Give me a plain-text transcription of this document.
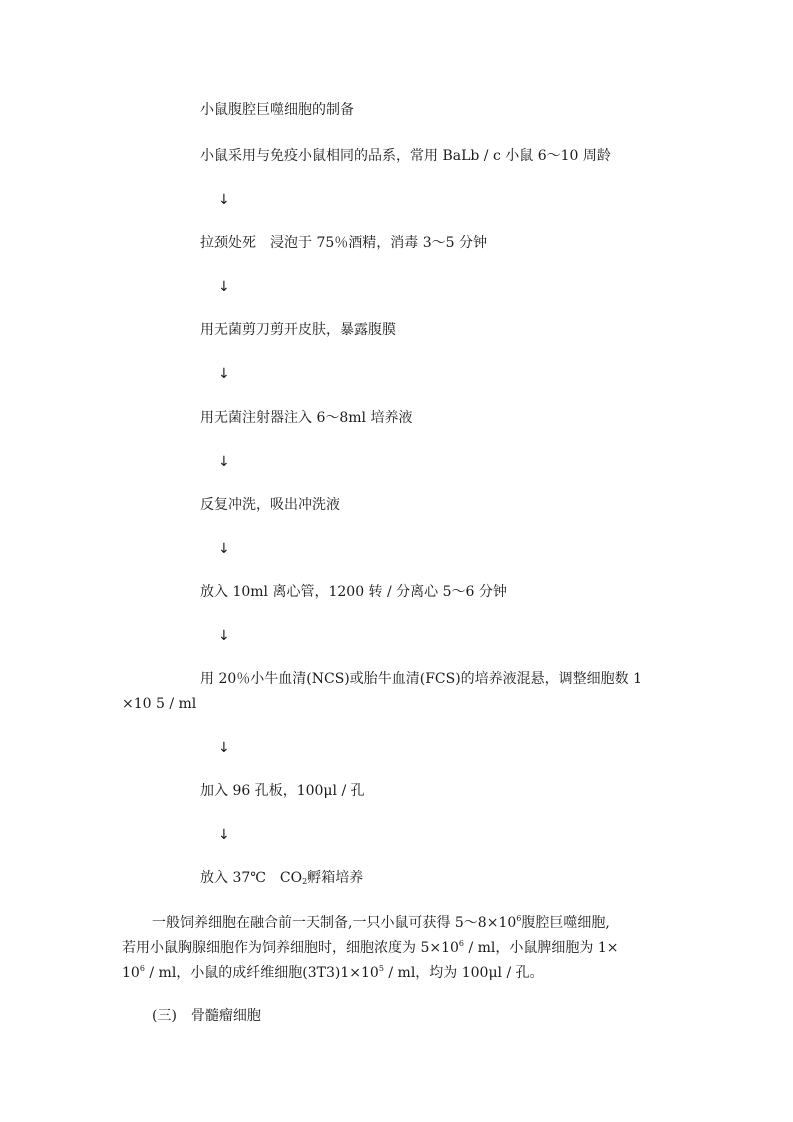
小鼠腹腔巨噬细胞的制备
小鼠采用与免疫小鼠相同的品系，常用 BaLb / c 小鼠 6～10 周龄
↓
拉颈处死　浸泡于 75％酒精，消毒 3～5 分钟
↓
用无菌剪刀剪开皮肤，暴露腹膜
↓
用无菌注射器注入 6～8ml 培养液
↓
反复冲洗，吸出冲洗液
↓
放入 10ml 离心管，1200 转 / 分离心 5～6 分钟
↓
用 20％小牛血清(NCS)或胎牛血清(FCS)的培养液混悬，调整细胞数 1
×10 5 / ml
↓
加入 96 孔板，100μl / 孔
↓
放入 37℃　$CO_2$孵箱培养
一般饲养细胞在融合前一天制备,一只小鼠可获得 $5\sim 8\times 10^6$腹腔巨噬细胞,
若用小鼠胸腺细胞作为饲养细胞时，细胞浓度为 $5\times 10^6$ / ml，小鼠脾细胞为 1×
$10^6$ / ml，小鼠的成纤维细胞$(3T3)1\times 10^5$ / ml，均为 100μl / 孔。
(三)　骨髓瘤细胞
